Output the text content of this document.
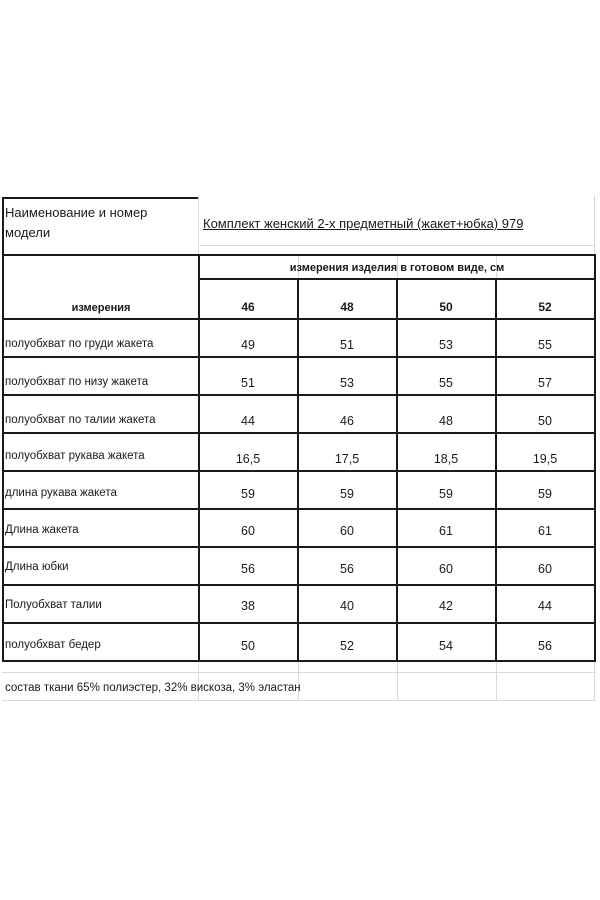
Наименование и номер модели
Комплект женский 2-х предметный (жакет+юбка) 979
измерения изделия в готовом виде, см
измерения	46	48	50	52
полуобхват по груди жакета	49	51	53	55
полуобхват по низу жакета	51	53	55	57
полуобхват по талии жакета	44	46	48	50
полуобхват рукава жакета	16,5	17,5	18,5	19,5
длина рукава жакета	59	59	59	59
Длина жакета	60	60	61	61
Длина юбки	56	56	60	60
Полуобхват талии	38	40	42	44
полуобхват бедер	50	52	54	56
состав ткани 65% полиэстер, 32% вискоза, 3% эластан
